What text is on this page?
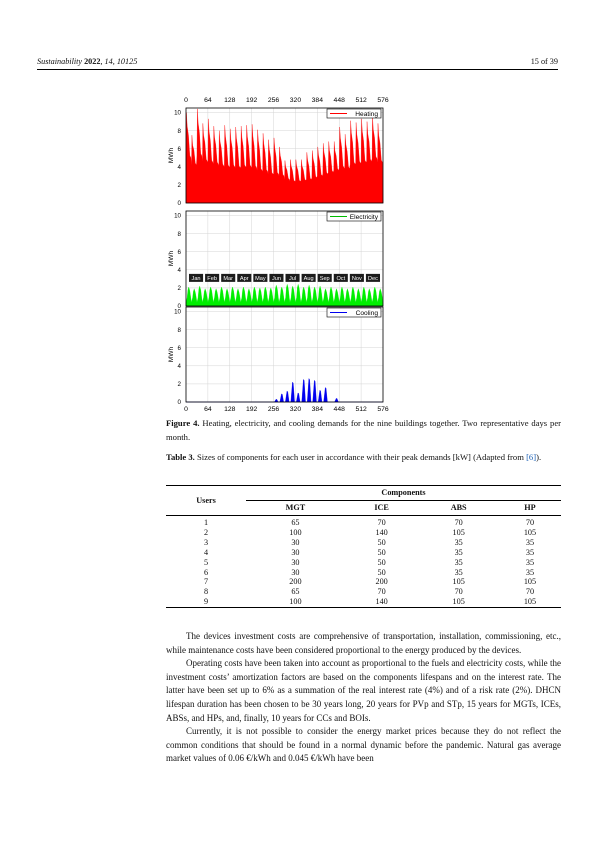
Sustainability 2022, 14, 10125	15 of 39
0
0
64
64
128
128
192
192
256
256
320
320
384
384
448
448
512
512
576
576
0
2
4
6
8
10
MWh
Heating
0
2
4
6
8
10
MWh
Electricity
0
2
4
6
8
10
MWh
Cooling
Jan Feb Mar Apr May Jun Jul Aug Sep Oct Nov Dec
Figure 4. Heating, electricity, and cooling demands for the nine buildings together. Two representative days per month.
Table 3. Sizes of components for each user in accordance with their peak demands [kW] (Adapted from [6]).
Users	Components			
	MGT	ICE	ABS	HP
1	65	70	70	70
2	100	140	105	105
3	30	50	35	35
4	30	50	35	35
5	30	50	35	35
6	30	50	35	35
7	200	200	105	105
8	65	70	70	70
9	100	140	105	105

The devices investment costs are comprehensive of transportation, installation, commissioning, etc., while maintenance costs have been considered proportional to the energy produced by the devices.

Operating costs have been taken into account as proportional to the fuels and electricity costs, while the investment costs’ amortization factors are based on the components lifespans and on the interest rate. The latter have been set up to 6% as a summation of the real interest rate (4%) and of a risk rate (2%). DHCN lifespan duration has been chosen to be 30 years long, 20 years for PVp and STp, 15 years for MGTs, ICEs, ABSs, and HPs, and, finally, 10 years for CCs and BOIs.

Currently, it is not possible to consider the energy market prices because they do not reflect the common conditions that should be found in a normal dynamic before the pandemic. Natural gas average market values of 0.06 €/kWh and 0.045 €/kWh have been
